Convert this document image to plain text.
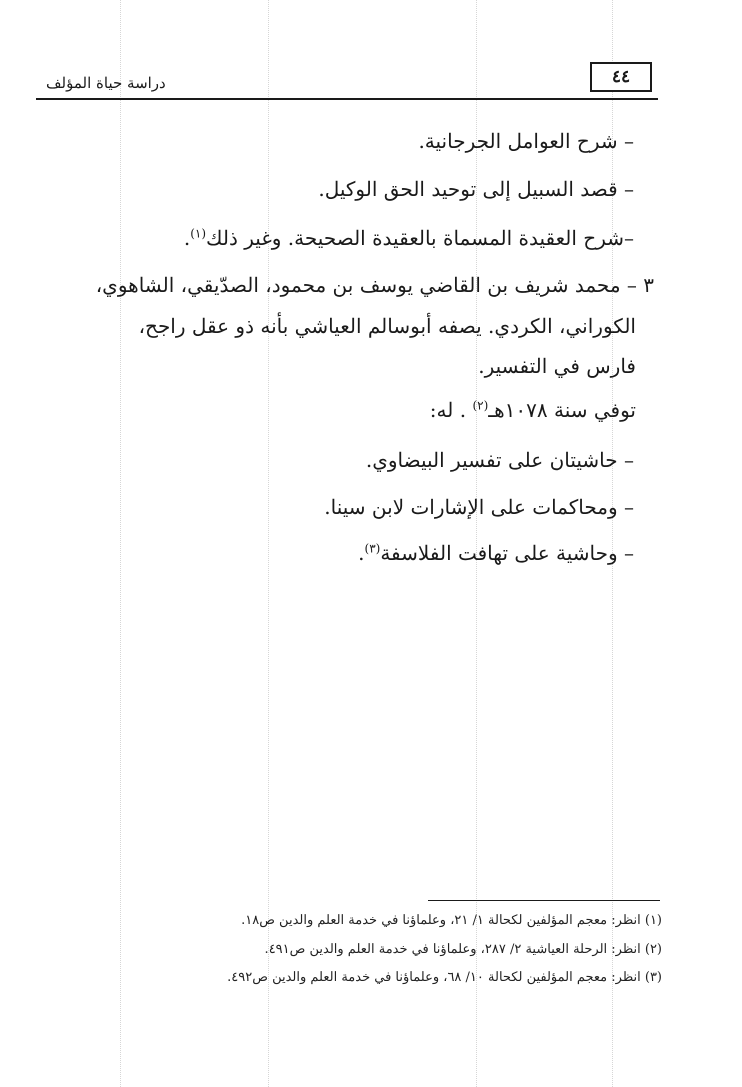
دراسة حياة المؤلف	٤٤
– شرح العوامل الجرجانية.
– قصد السبيل إلى توحيد الحق الوكيل.
–شرح العقيدة المسماة بالعقيدة الصحيحة. وغير ذلك$^{(١)}$.
٣ – محمد شريف بن القاضي يوسف بن محمود، الصدّيقي، الشاهوي،
الكوراني، الكردي. يصفه أبوسالم العياشي بأنه ذو عقل راجح،
فارس في التفسير.
توفي سنة ١٠٧٨هـ$^{(٢)}$ . له:
– حاشيتان على تفسير البيضاوي.
– ومحاكمات على الإشارات لابن سينا.
– وحاشية على تهافت الفلاسفة$^{(٣)}$.
(١) انظر: معجم المؤلفين لكحالة ١/ ٢١، وعلماؤنا في خدمة العلم والدين ص١٨.
(٢) انظر: الرحلة العياشية ٢/ ٢٨٧، وعلماؤنا في خدمة العلم والدين ص٤٩١.
(٣) انظر: معجم المؤلفين لكحالة ١٠/ ٦٨، وعلماؤنا في خدمة العلم والدين ص٤٩٢.
